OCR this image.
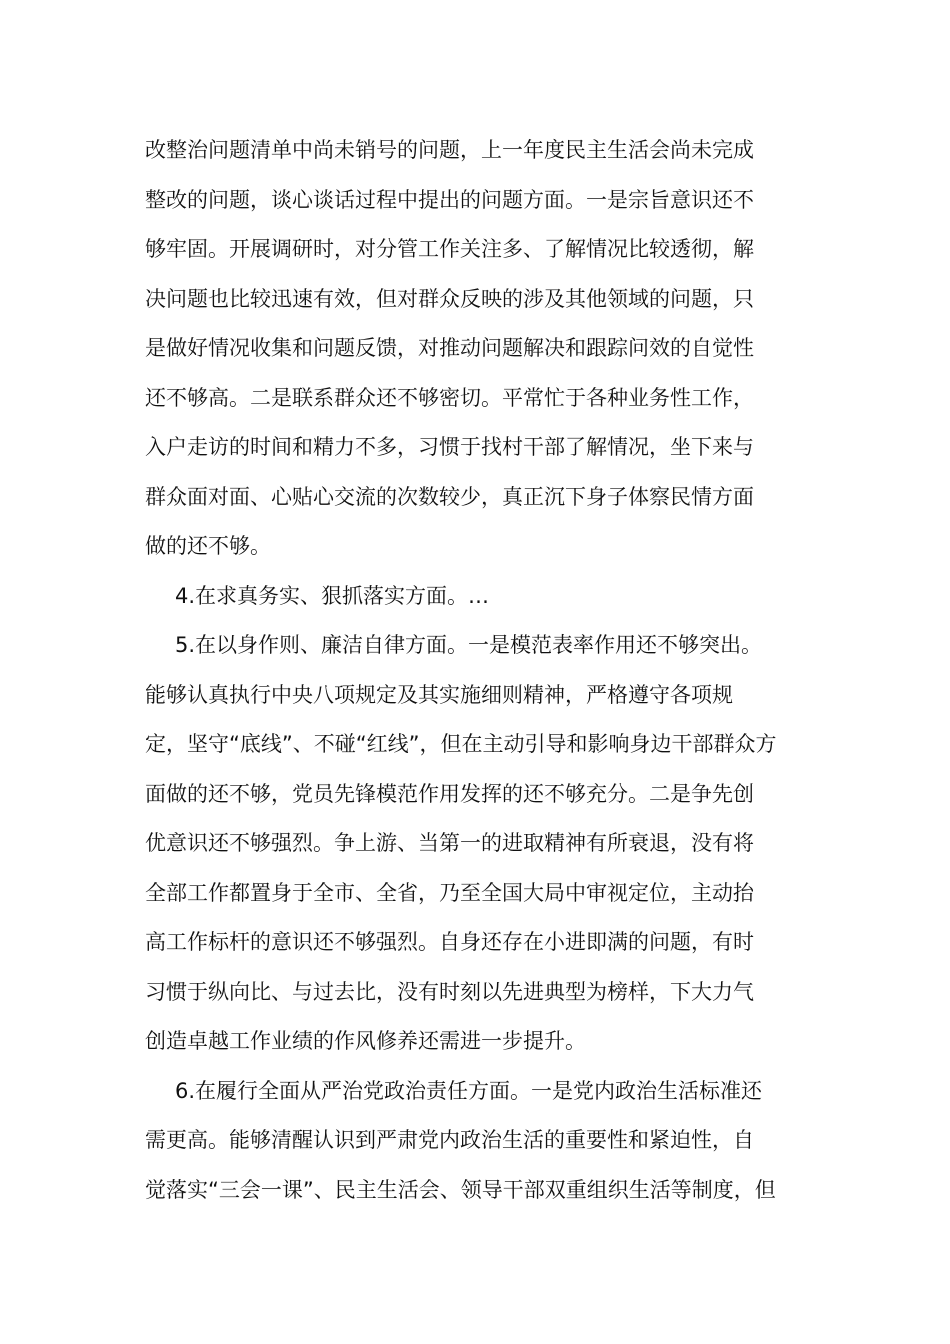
改整治问题清单中尚未销号的问题，上一年度民主生活会尚未完成
整改的问题，谈心谈话过程中提出的问题方面。一是宗旨意识还不
够牢固。开展调研时，对分管工作关注多、了解情况比较透彻，解
决问题也比较迅速有效，但对群众反映的涉及其他领域的问题，只
是做好情况收集和问题反馈，对推动问题解决和跟踪问效的自觉性
还不够高。二是联系群众还不够密切。平常忙于各种业务性工作，
入户走访的时间和精力不多，习惯于找村干部了解情况，坐下来与
群众面对面、心贴心交流的次数较少，真正沉下身子体察民情方面
做的还不够。
4.在求真务实、狠抓落实方面。…
5.在以身作则、廉洁自律方面。一是模范表率作用还不够突出。
能够认真执行中央八项规定及其实施细则精神，严格遵守各项规
定，坚守“底线”、不碰“红线”，但在主动引导和影响身边干部群众方
面做的还不够，党员先锋模范作用发挥的还不够充分。二是争先创
优意识还不够强烈。争上游、当第一的进取精神有所衰退，没有将
全部工作都置身于全市、全省，乃至全国大局中审视定位，主动抬
高工作标杆的意识还不够强烈。自身还存在小进即满的问题，有时
习惯于纵向比、与过去比，没有时刻以先进典型为榜样，下大力气
创造卓越工作业绩的作风修养还需进一步提升。
6.在履行全面从严治党政治责任方面。一是党内政治生活标准还
需更高。能够清醒认识到严肃党内政治生活的重要性和紧迫性，自
觉落实“三会一课”、民主生活会、领导干部双重组织生活等制度，但
